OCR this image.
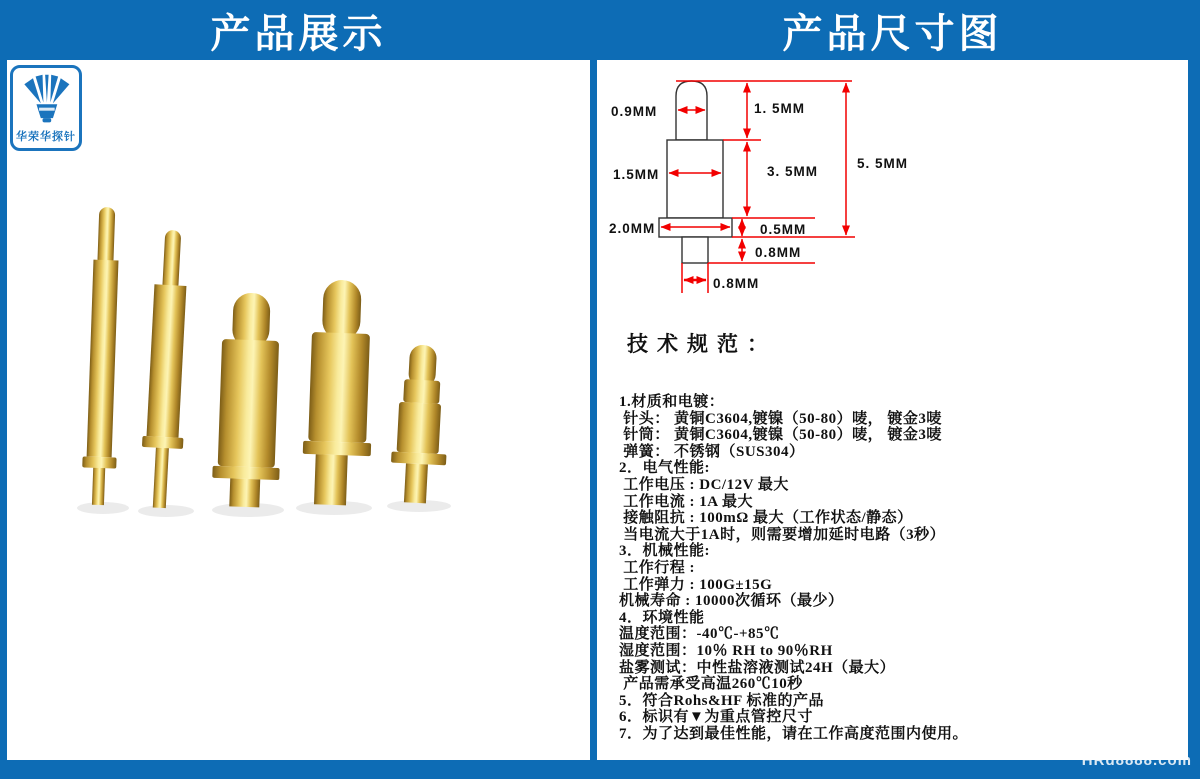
产品展示	产品尺寸图
华荣华探针
0.9MM	1. 5MM
1.5MM	3. 5MM
5. 5MM
2.0MM	0.5MM
0.8MM
0.8MM
技术规范：
1.材质和电镀：
针头： 黄铜C3604,镀镍（50-80）唛， 镀金3唛
针筒： 黄铜C3604,镀镍（50-80）唛， 镀金3唛
弹簧： 不锈钢（SUS304）
2．电气性能:
工作电压 : DC/12V 最大
工作电流 : 1A 最大
接触阻抗 : 100mΩ 最大（工作状态/静态）
当电流大于1A时，则需要增加延时电路（3秒）
3．机械性能:
工作行程 :
工作弹力 : 100G±15G
机械寿命 : 10000次循环（最少）
4．环境性能
温度范围：-40℃-+85℃
湿度范围：10％ RH to 90％RH
盐雾测试：中性盐溶液测试24H（最大）
产品需承受高温260℃10秒
5．符合Rohs&HF 标准的产品
6．标识有▼为重点管控尺寸
7．为了达到最佳性能，请在工作高度范围内使用。
HRd8888.com
